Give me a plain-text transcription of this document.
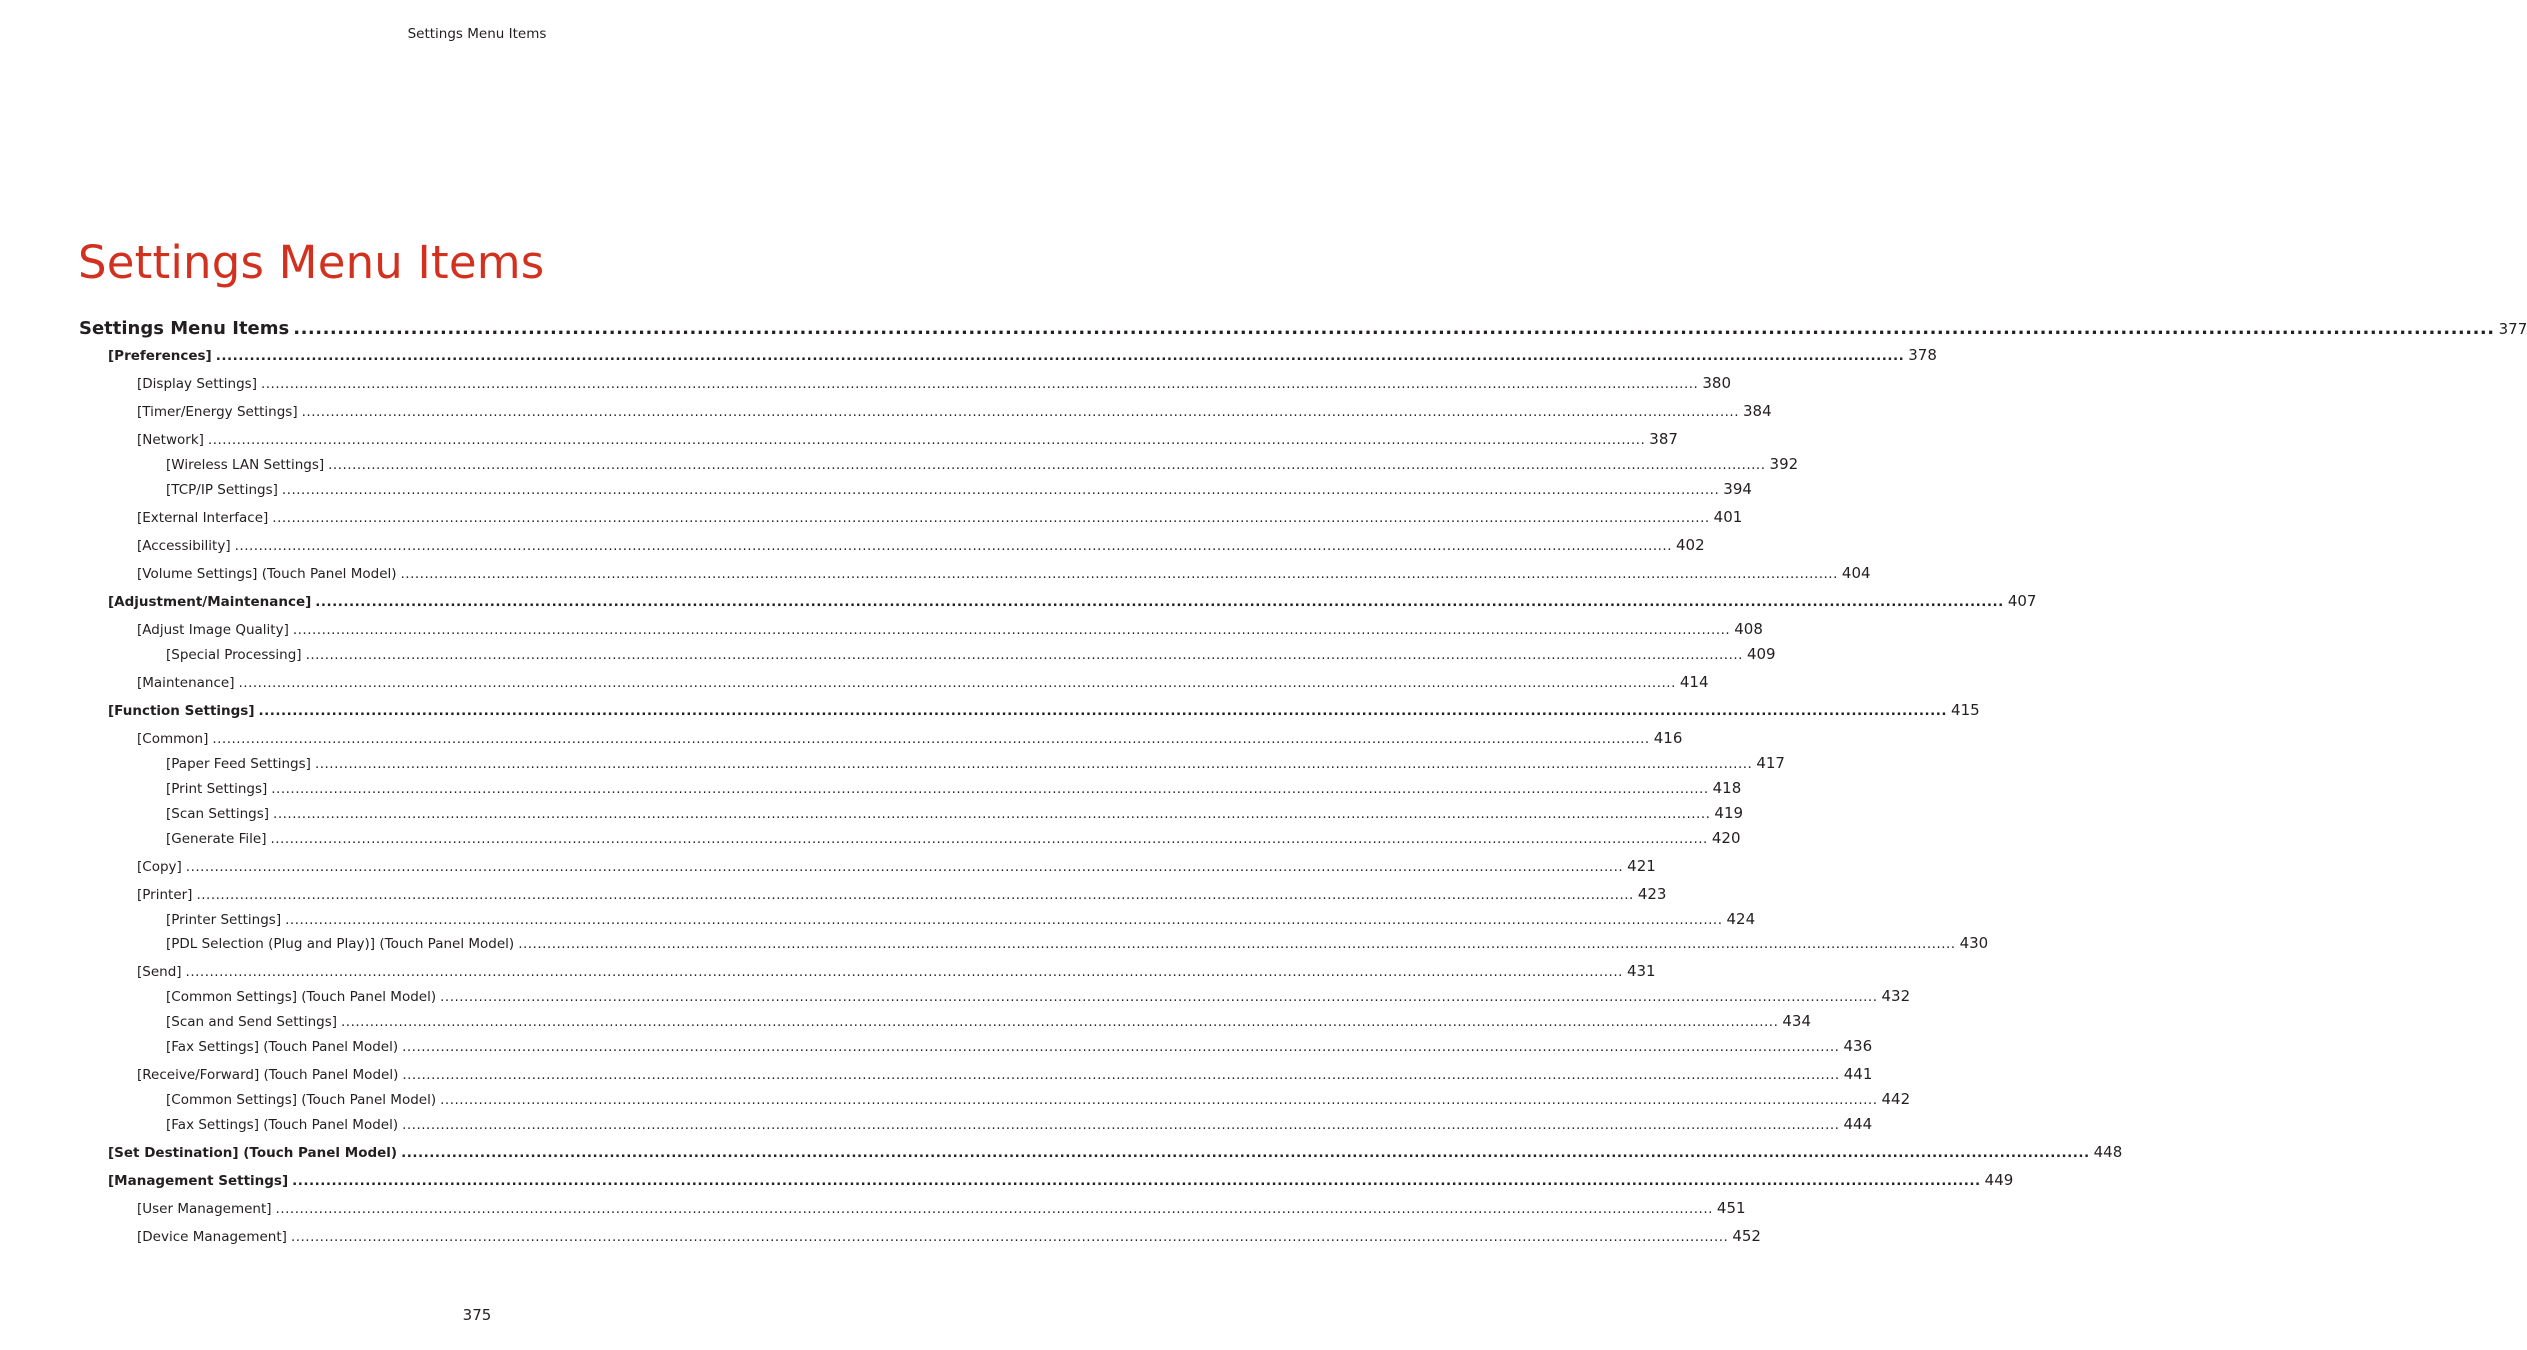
Settings Menu Items
Settings Menu Items
Settings Menu Items ............................................................................................................................................................................................................................................................................................................ 377
[Preferences] ............................................................................................................................................................................................................................................................................................................ 378
[Display Settings] ............................................................................................................................................................................................................................................................................................................ 380
[Timer/Energy Settings] ............................................................................................................................................................................................................................................................................................................ 384
[Network] ............................................................................................................................................................................................................................................................................................................ 387
[Wireless LAN Settings] ............................................................................................................................................................................................................................................................................................................ 392
[TCP/IP Settings] ............................................................................................................................................................................................................................................................................................................ 394
[External Interface] ............................................................................................................................................................................................................................................................................................................ 401
[Accessibility] ............................................................................................................................................................................................................................................................................................................ 402
[Volume Settings] (Touch Panel Model) ............................................................................................................................................................................................................................................................................................................ 404
[Adjustment/Maintenance] ............................................................................................................................................................................................................................................................................................................ 407
[Adjust Image Quality] ............................................................................................................................................................................................................................................................................................................ 408
[Special Processing] ............................................................................................................................................................................................................................................................................................................ 409
[Maintenance] ............................................................................................................................................................................................................................................................................................................ 414
[Function Settings] ............................................................................................................................................................................................................................................................................................................ 415
[Common] ............................................................................................................................................................................................................................................................................................................ 416
[Paper Feed Settings] ............................................................................................................................................................................................................................................................................................................ 417
[Print Settings] ............................................................................................................................................................................................................................................................................................................ 418
[Scan Settings] ............................................................................................................................................................................................................................................................................................................ 419
[Generate File] ............................................................................................................................................................................................................................................................................................................ 420
[Copy] ............................................................................................................................................................................................................................................................................................................ 421
[Printer] ............................................................................................................................................................................................................................................................................................................ 423
[Printer Settings] ............................................................................................................................................................................................................................................................................................................ 424
[PDL Selection (Plug and Play)] (Touch Panel Model) ............................................................................................................................................................................................................................................................................................................ 430
[Send] ............................................................................................................................................................................................................................................................................................................ 431
[Common Settings] (Touch Panel Model) ............................................................................................................................................................................................................................................................................................................ 432
[Scan and Send Settings] ............................................................................................................................................................................................................................................................................................................ 434
[Fax Settings] (Touch Panel Model) ............................................................................................................................................................................................................................................................................................................ 436
[Receive/Forward] (Touch Panel Model) ............................................................................................................................................................................................................................................................................................................ 441
[Common Settings] (Touch Panel Model) ............................................................................................................................................................................................................................................................................................................ 442
[Fax Settings] (Touch Panel Model) ............................................................................................................................................................................................................................................................................................................ 444
[Set Destination] (Touch Panel Model) ............................................................................................................................................................................................................................................................................................................ 448
[Management Settings] ............................................................................................................................................................................................................................................................................................................ 449
[User Management] ............................................................................................................................................................................................................................................................................................................ 451
[Device Management] ............................................................................................................................................................................................................................................................................................................ 452
375
